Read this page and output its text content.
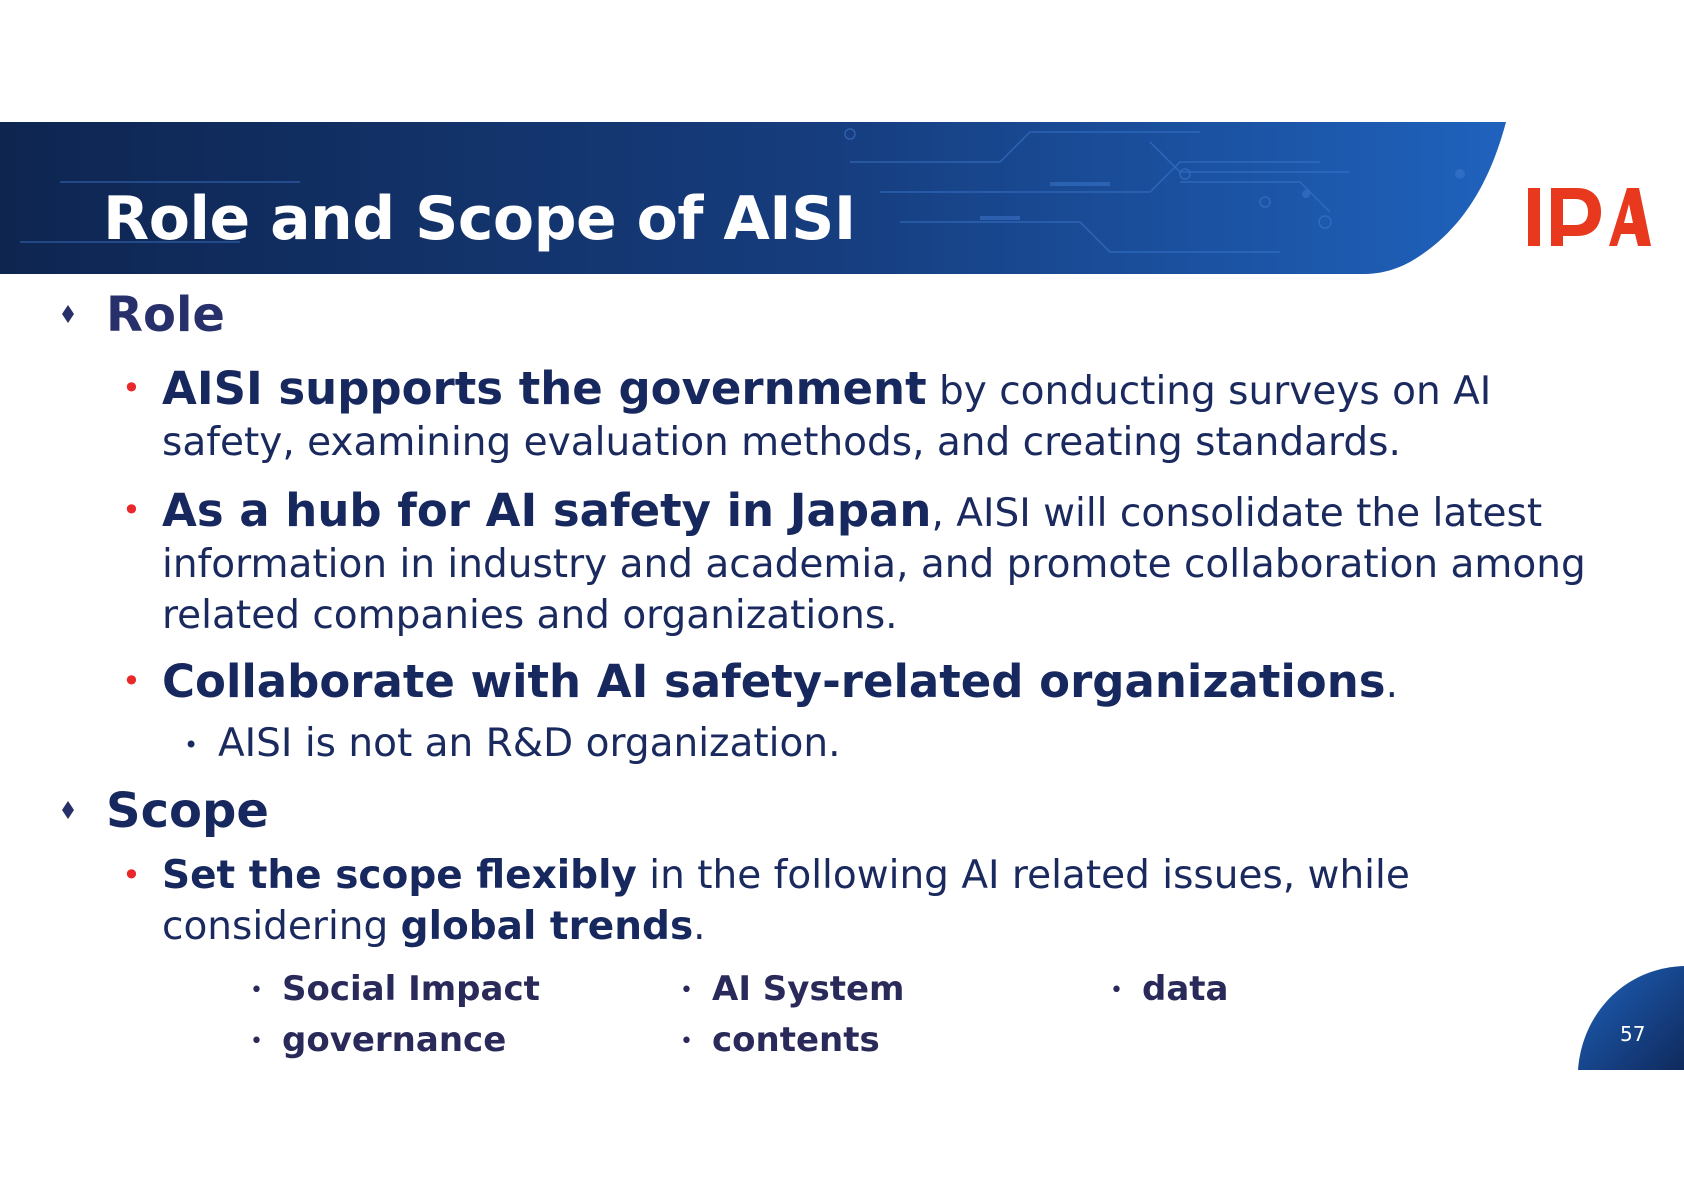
Role and Scope of AISI
Role
• AISI supports the government by conducting surveys on AI safety, examining evaluation methods, and creating standards.
• As a hub for AI safety in Japan, AISI will consolidate the latest information in industry and academia, and promote collaboration among related companies and organizations.
• Collaborate with AI safety-related organizations.
• AISI is not an R&D organization.
Scope
• Set the scope flexibly in the following AI related issues, while considering global trends.
• Social Impact	• AI System	• data
• governance	• contents	57
